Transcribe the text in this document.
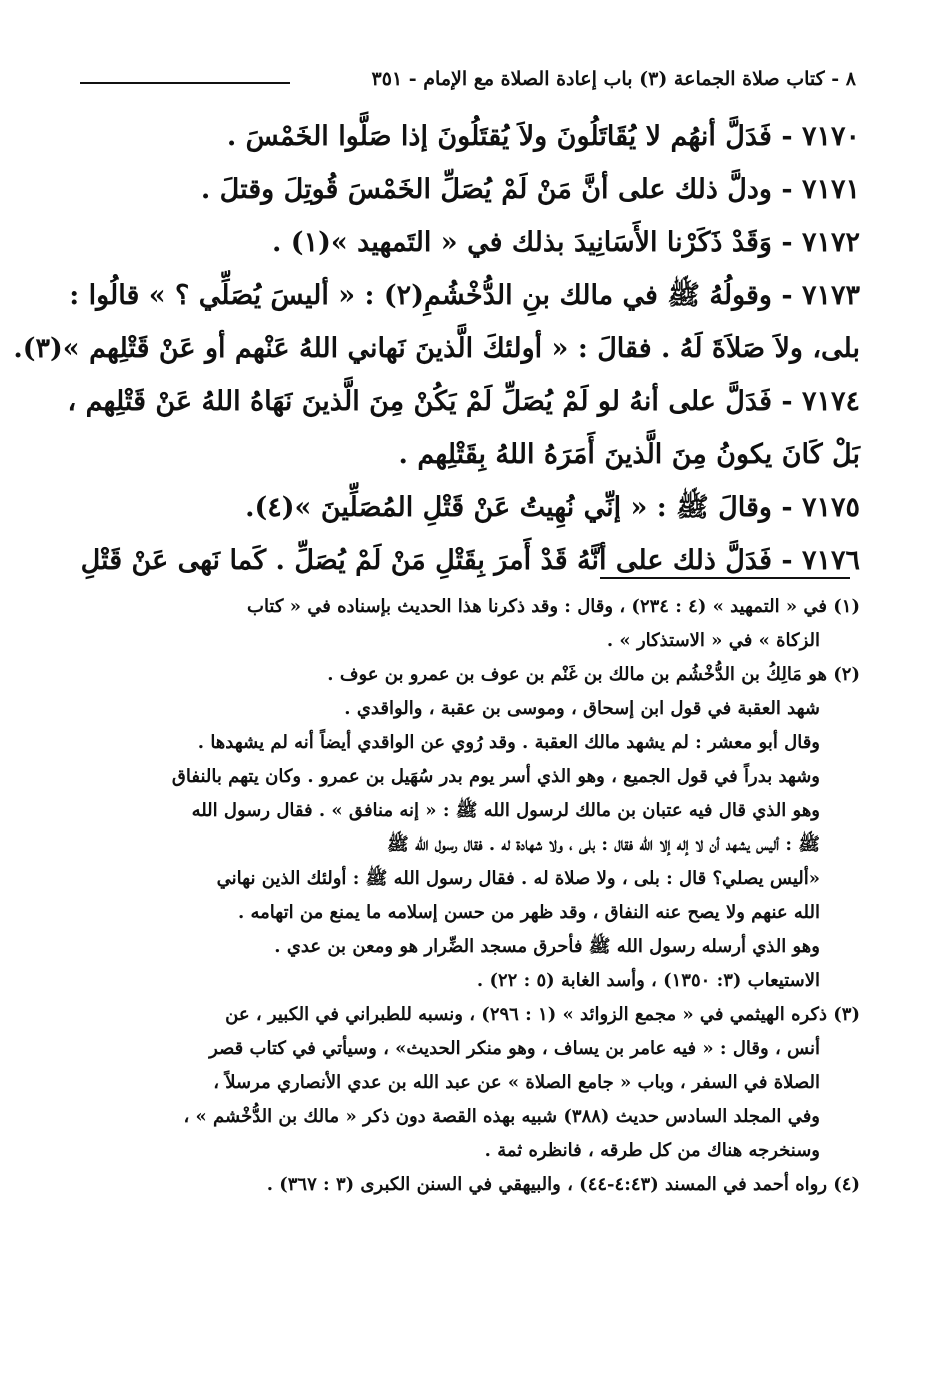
٨ - كتاب صلاة الجماعة (٣) باب إعادة الصلاة مع الإمام - ٣٥١

٧١٧٠ - فَدَلَّ أنهُم لا يُقَاتَلُونَ ولاَ يُقتَلُونَ إذا صَلَّوا الخَمْسَ .

٧١٧١ - ودلَّ ذلك على أنَّ مَنْ لَمْ يُصَلِّ الخَمْسَ قُوتِلَ وقتلَ .

٧١٧٢ - وَقَدْ ذَكَرْنا الأَسَانِيدَ بذلك في « التَمهيد »(١) .

٧١٧٣ - وقولُهُ ﷺ في مالك بنِ الدُّخْشُمِ(٢) : « أليسَ يُصَلِّي ؟ » قالُوا :

بلى، ولاَ صَلاَةَ لَهُ . فقالَ : « أولئكَ الَّذينَ نَهاني اللهُ عَنْهم أو عَنْ قَتْلِهم »(٣).

٧١٧٤ - فَدَلَّ على أنهُ لو لَمْ يُصَلِّ لَمْ يَكُنْ مِنَ الَّذينَ نَهَاهُ اللهُ عَنْ قَتْلِهم ،

بَلْ كَانَ يكونُ مِنَ الَّذينَ أَمَرَهُ اللهُ بِقَتْلِهم .

٧١٧٥ - وقالَ ﷺ : « إنِّي نُهِيتُ عَنْ قَتْلِ المُصَلِّينَ »(٤).

٧١٧٦ - فَدَلَّ ذلك على أنَّهُ قَدْ أَمرَ بِقَتْلِ مَنْ لَمْ يُصَلِّ . كَما نَهى عَنْ قَتْلِ

(١) في « التمهيد » (٤ : ٢٣٤) ، وقال : وقد ذكرنا هذا الحديث بإسناده في « كتاب

الزكاة » في « الاستذكار » .

(٢) هو مَالِكُ بن الدُّخْشُم بن مالك بن غَنْم بن عوف بن عمرو بن عوف .

شهد العقبة في قول ابن إسحاق ، وموسى بن عقبة ، والواقدي .

وقال أبو معشر : لم يشهد مالك العقبة . وقد رُوي عن الواقدي أيضاً أنه لم يشهدها .

وشهد بدراً في قول الجميع ، وهو الذي أسر يوم بدر سُهَيل بن عمرو . وكان يتهم بالنفاق

وهو الذي قال فيه عتبان بن مالك لرسول الله ﷺ : « إنه منافق » . فقال رسول الله

ﷺ : أليس يشهد أن لا إله إلا الله فقال : بلى ، ولا شهادة له . فقال رسول الله ﷺ

«أليس يصلي؟ قال : بلى ، ولا صلاة له . فقال رسول الله ﷺ : أولئك الذين نهاني

الله عنهم ولا يصح عنه النفاق ، وقد ظهر من حسن إسلامه ما يمنع من اتهامه .

وهو الذي أرسله رسول الله ﷺ فأحرق مسجد الضِّرار هو ومعن بن عدي .

الاستيعاب (٣: ١٣٥٠) ، وأسد الغابة (٥ : ٢٢) .

(٣) ذكره الهيثمي في « مجمع الزوائد » (١ : ٢٩٦) ، ونسبه للطبراني في الكبير ، عن

أنس ، وقال : « فيه عامر بن يساف ، وهو منكر الحديث» ، وسيأتي في كتاب قصر

الصلاة في السفر ، وباب « جامع الصلاة » عن عبد الله بن عدي الأنصاري مرسلاً ،

وفي المجلد السادس حديث (٣٨٨) شبيه بهذه القصة دون ذكر « مالك بن الدُّخْشم » ،

وسنخرجه هناك من كل طرقه ، فانظره ثمة .

(٤) رواه أحمد في المسند (٤:٤٣-٤٤) ، والبيهقي في السنن الكبرى (٣ : ٣٦٧) .
